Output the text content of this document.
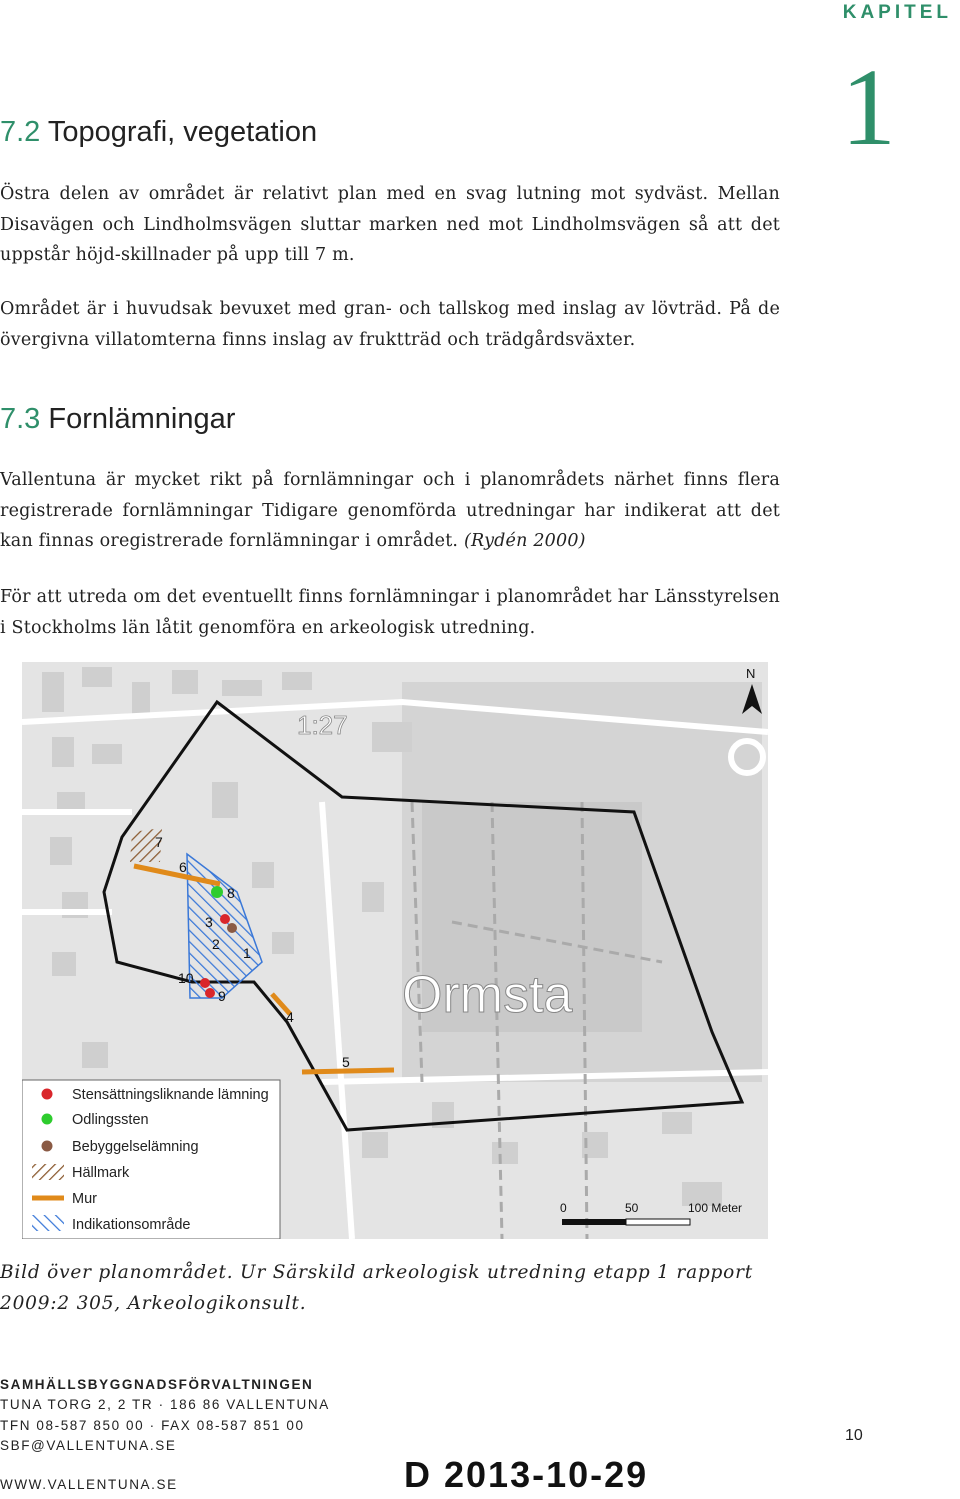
KAPITEL
1
7.2 Topografi, vegetation

Östra delen av området är relativt plan med en svag lutning mot sydväst. Mellan Disavägen och Lindholmsvägen sluttar marken ned mot Lindholmsvägen så att det uppstår höjd-skillnader på upp till 7 m.

Området är i huvudsak bevuxet med gran- och tallskog med inslag av lövträd. På de övergivna villatomterna finns inslag av fruktträd och trädgårdsväxter.

7.3 Fornlämningar

Vallentuna är mycket rikt på fornlämningar och i planområdets närhet finns flera registrerade fornlämningar Tidigare genomförda utredningar har indikerat att det kan finnas oregistrerade fornlämningar i området. (Rydén 2000)

För att utreda om det eventuellt finns fornlämningar i planområdet har Länsstyrelsen i Stockholms län låtit genomföra en arkeologisk utredning.

1:27
Ormsta
N
1
2
3
4
5
6
7
8
9
10
Stensättningsliknande lämning
Odlingssten
Bebyggelselämning
Hällmark
Mur
Indikationsområde
0	50	100 Meter
Bild över planområdet. Ur Särskild arkeologisk utredning etapp 1 rapport 2009:2 305, Arkeologikonsult.
SAMHÄLLSBYGGNADSFÖRVALTNINGEN
TUNA TORG 2, 2 TR · 186 86 VALLENTUNA
TFN 08-587 850 00 · FAX 08-587 851 00
SBF@VALLENTUNA.SE
WWW.VALLENTUNA.SE
10
D 2013-10-29
